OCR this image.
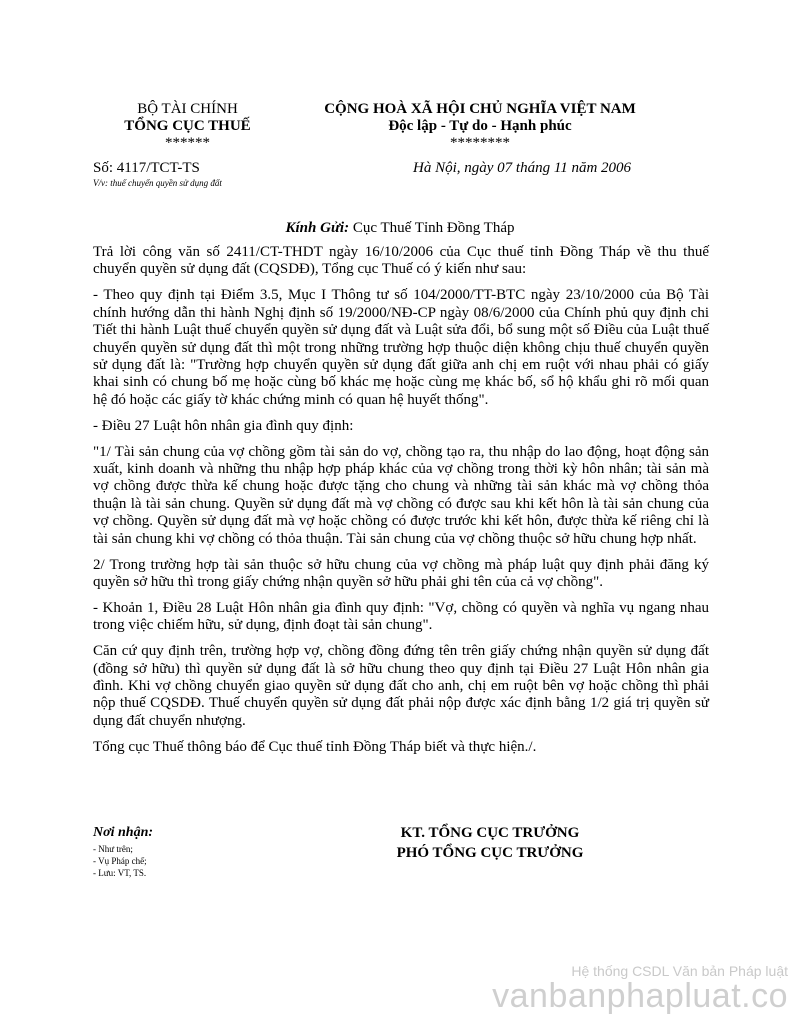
BỘ TÀI CHÍNH
TỔNG CỤC THUẾ
******
CỘNG HOÀ XÃ HỘI CHỦ NGHĨA VIỆT NAM
Độc lập - Tự do - Hạnh phúc
********
Số: 4117/TCT-TS
V/v: thuế chuyển quyền sử dụng đất
Hà Nội, ngày 07 tháng 11 năm 2006
Kính Gửi: Cục Thuế Tỉnh Đồng Tháp

Trả lời công văn số 2411/CT-THDT ngày 16/10/2006 của Cục thuế tỉnh Đồng Tháp về thu thuế chuyển quyền sử dụng đất (CQSDĐ), Tổng cục Thuế có ý kiến như sau:

- Theo quy định tại Điểm 3.5, Mục I Thông tư số 104/2000/TT-BTC ngày 23/10/2000 của Bộ Tài chính hướng dẫn thi hành Nghị định số 19/2000/NĐ-CP ngày 08/6/2000 của Chính phủ quy định chi Tiết thi hành Luật thuế chuyển quyền sử dụng đất và Luật sửa đổi, bổ sung một số Điều của Luật thuế chuyển quyền sử dụng đất thì một trong những trường hợp thuộc diện không chịu thuế chuyển quyền sử dụng đất là: "Trường hợp chuyển quyền sử dụng đất giữa anh chị em ruột với nhau phải có giấy khai sinh có chung bố mẹ hoặc cùng bố khác mẹ hoặc cùng mẹ khác bố, sổ hộ khẩu ghi rõ mối quan hệ đó hoặc các giấy tờ khác chứng minh có quan hệ huyết thống".

- Điều 27 Luật hôn nhân gia đình quy định:

"1/ Tài sản chung của vợ chồng gồm tài sản do vợ, chồng tạo ra, thu nhập do lao động, hoạt động sản xuất, kinh doanh và những thu nhập hợp pháp khác của vợ chồng trong thời kỳ hôn nhân; tài sản mà vợ chồng được thừa kế chung hoặc được tặng cho chung và những tài sản khác mà vợ chồng thỏa thuận là tài sản chung. Quyền sử dụng đất mà vợ chồng có được sau khi kết hôn là tài sản chung của vợ chồng. Quyền sử dụng đất mà vợ hoặc chồng có được trước khi kết hôn, được thừa kế riêng chỉ là tài sản chung khi vợ chồng có thỏa thuận. Tài sản chung của vợ chồng thuộc sở hữu chung hợp nhất.

2/ Trong trường hợp tài sản thuộc sở hữu chung của vợ chồng mà pháp luật quy định phải đăng ký quyền sở hữu thì trong giấy chứng nhận quyền sở hữu phải ghi tên của cả vợ chồng".

- Khoản 1, Điều 28 Luật Hôn nhân gia đình quy định: "Vợ, chồng có quyền và nghĩa vụ ngang nhau trong việc chiếm hữu, sử dụng, định đoạt tài sản chung".

Căn cứ quy định trên, trường hợp vợ, chồng đồng đứng tên trên giấy chứng nhận quyền sử dụng đất (đồng sở hữu) thì quyền sử dụng đất là sở hữu chung theo quy định tại Điều 27 Luật Hôn nhân gia đình. Khi vợ chồng chuyển giao quyền sử dụng đất cho anh, chị em ruột bên vợ hoặc chồng thì phải nộp thuế CQSDĐ. Thuế chuyển quyền sử dụng đất phải nộp được xác định bằng 1/2 giá trị quyền sử dụng đất chuyển nhượng.

Tổng cục Thuế thông báo để Cục thuế tỉnh Đồng Tháp biết và thực hiện./.

Nơi nhận:
- Như trên;
- Vụ Pháp chế;
- Lưu: VT, TS.
KT. TỔNG CỤC TRƯỞNG
PHÓ TỔNG CỤC TRƯỞNG
Hệ thống CSDL Văn bản Pháp luật
vanbanphapluat.co
